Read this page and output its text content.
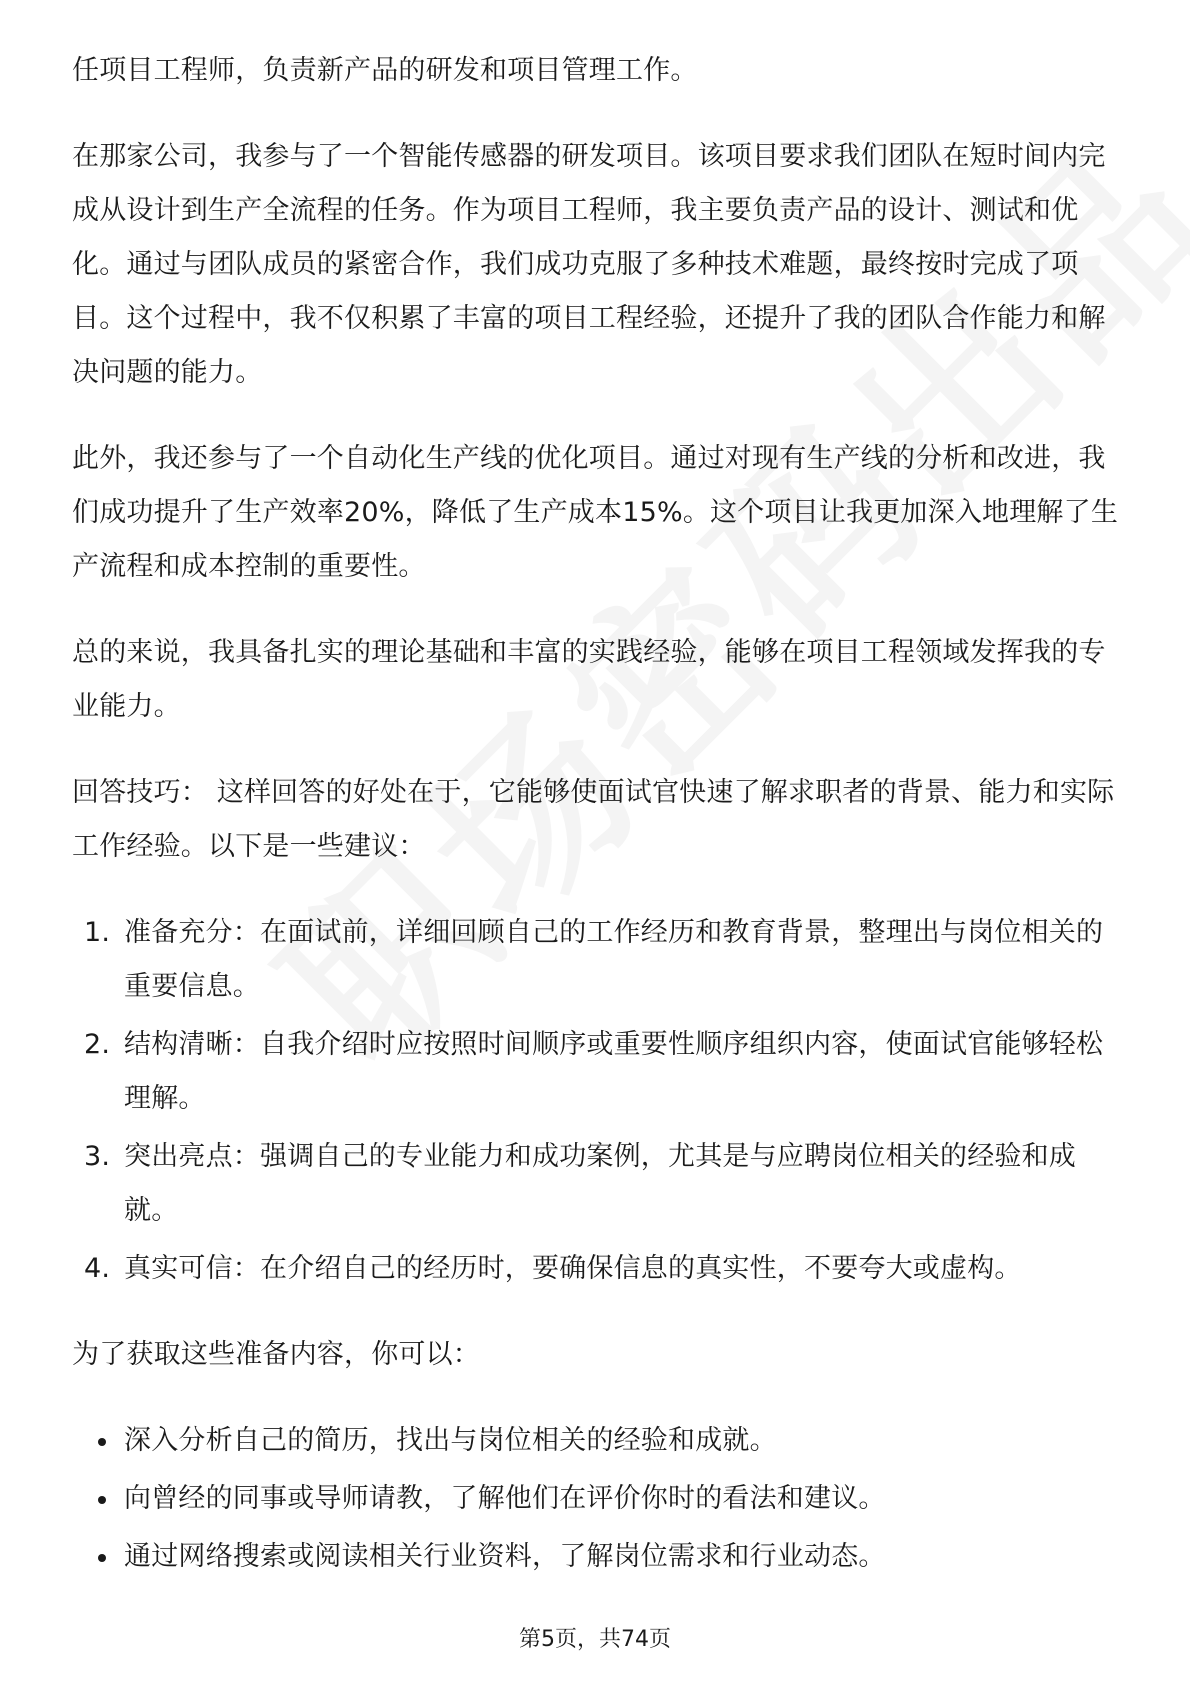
任项目工程师，负责新产品的研发和项目管理工作。

在那家公司，我参与了一个智能传感器的研发项目。该项目要求我们团队在短时间内完成从设计到生产全流程的任务。作为项目工程师，我主要负责产品的设计、测试和优化。通过与团队成员的紧密合作，我们成功克服了多种技术难题，最终按时完成了项目。这个过程中，我不仅积累了丰富的项目工程经验，还提升了我的团队合作能力和解决问题的能力。

此外，我还参与了一个自动化生产线的优化项目。通过对现有生产线的分析和改进，我们成功提升了生产效率20%，降低了生产成本15%。这个项目让我更加深入地理解了生产流程和成本控制的重要性。

总的来说，我具备扎实的理论基础和丰富的实践经验，能够在项目工程领域发挥我的专业能力。

回答技巧： 这样回答的好处在于，它能够使面试官快速了解求职者的背景、能力和实际工作经验。以下是一些建议：

1. 准备充分：在面试前，详细回顾自己的工作经历和教育背景，整理出与岗位相关的重要信息。
2. 结构清晰：自我介绍时应按照时间顺序或重要性顺序组织内容，使面试官能够轻松理解。
3. 突出亮点：强调自己的专业能力和成功案例，尤其是与应聘岗位相关的经验和成就。
4. 真实可信：在介绍自己的经历时，要确保信息的真实性，不要夸大或虚构。

为了获取这些准备内容，你可以：

深入分析自己的简历，找出与岗位相关的经验和成就。
向曾经的同事或导师请教，了解他们在评价你时的看法和建议。
通过网络搜索或阅读相关行业资料，了解岗位需求和行业动态。
第5页，共74页
